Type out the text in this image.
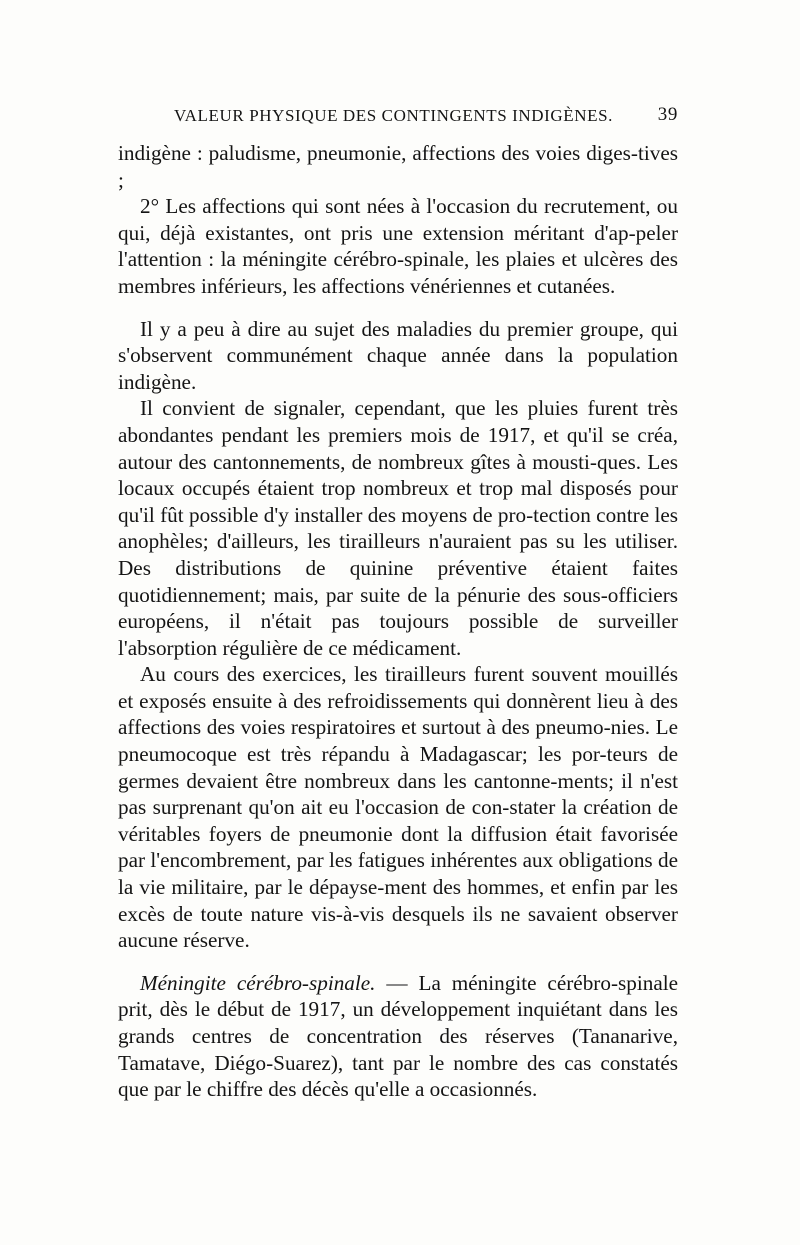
VALEUR PHYSIQUE DES CONTINGENTS INDIGÈNES. 39

indigène : paludisme, pneumonie, affections des voies diges-tives ;

2° Les affections qui sont nées à l'occasion du recrutement, ou qui, déjà existantes, ont pris une extension méritant d'ap-peler l'attention : la méningite cérébro-spinale, les plaies et ulcères des membres inférieurs, les affections vénériennes et cutanées.

Il y a peu à dire au sujet des maladies du premier groupe, qui s'observent communément chaque année dans la population indigène.

Il convient de signaler, cependant, que les pluies furent très abondantes pendant les premiers mois de 1917, et qu'il se créa, autour des cantonnements, de nombreux gîtes à mousti-ques. Les locaux occupés étaient trop nombreux et trop mal disposés pour qu'il fût possible d'y installer des moyens de pro-tection contre les anophèles; d'ailleurs, les tirailleurs n'auraient pas su les utiliser. Des distributions de quinine préventive étaient faites quotidiennement; mais, par suite de la pénurie des sous-officiers européens, il n'était pas toujours possible de surveiller l'absorption régulière de ce médicament.

Au cours des exercices, les tirailleurs furent souvent mouillés et exposés ensuite à des refroidissements qui donnèrent lieu à des affections des voies respiratoires et surtout à des pneumo-nies. Le pneumocoque est très répandu à Madagascar; les por-teurs de germes devaient être nombreux dans les cantonne-ments; il n'est pas surprenant qu'on ait eu l'occasion de con-stater la création de véritables foyers de pneumonie dont la diffusion était favorisée par l'encombrement, par les fatigues inhérentes aux obligations de la vie militaire, par le dépayse-ment des hommes, et enfin par les excès de toute nature vis-à-vis desquels ils ne savaient observer aucune réserve.

Méningite cérébro-spinale. — La méningite cérébro-spinale prit, dès le début de 1917, un développement inquiétant dans les grands centres de concentration des réserves (Tananarive, Tamatave, Diégo-Suarez), tant par le nombre des cas constatés que par le chiffre des décès qu'elle a occasionnés.
